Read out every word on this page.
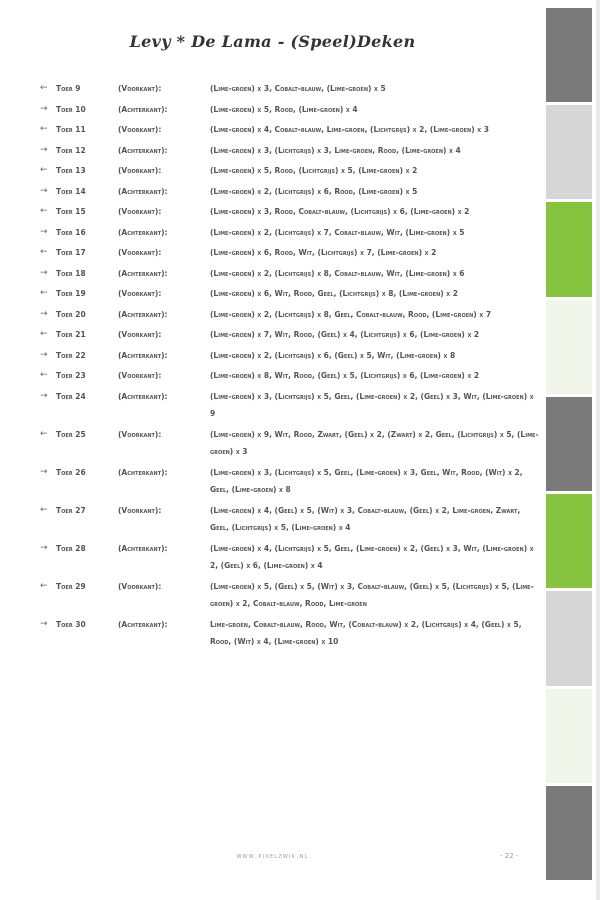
Levy * De Lama - (Speel)Deken
←	Toer 9	(Voorkant):	(Lime-groen) x 3, Cobalt-blauw, (Lime-groen) x 5
→	Toer 10	(Achterkant):	(Lime-groen) x 5, Rood, (Lime-groen) x 4
←	Toer 11	(Voorkant):	(Lime-groen) x 4, Cobalt-blauw, Lime-groen, (Lichtgrijs) x 2, (Lime-groen) x 3
→	Toer 12	(Achterkant):	(Lime-groen) x 3, (Lichtgrijs) x 3, Lime-groen, Rood, (Lime-groen) x 4
←	Toer 13	(Voorkant):	(Lime-groen) x 5, Rood, (Lichtgrijs) x 5, (Lime-groen) x 2
→	Toer 14	(Achterkant):	(Lime-groen) x 2, (Lichtgrijs) x 6, Rood, (Lime-groen) x 5
←	Toer 15	(Voorkant):	(Lime-groen) x 3, Rood, Cobalt-blauw, (Lichtgrijs) x 6, (Lime-groen) x 2
→	Toer 16	(Achterkant):	(Lime-groen) x 2, (Lichtgrijs) x 7, Cobalt-blauw, Wit, (Lime-groen) x 5
←	Toer 17	(Voorkant):	(Lime-groen) x 6, Rood, Wit, (Lichtgrijs) x 7, (Lime-groen) x 2
→	Toer 18	(Achterkant):	(Lime-groen) x 2, (Lichtgrijs) x 8, Cobalt-blauw, Wit, (Lime-groen) x 6
←	Toer 19	(Voorkant):	(Lime-groen) x 6, Wit, Rood, Geel, (Lichtgrijs) x 8, (Lime-groen) x 2
→	Toer 20	(Achterkant):	(Lime-groen) x 2, (Lichtgrijs) x 8, Geel, Cobalt-blauw, Rood, (Lime-groen) x 7
←	Toer 21	(Voorkant):	(Lime-groen) x 7, Wit, Rood, (Geel) x 4, (Lichtgrijs) x 6, (Lime-groen) x 2
→	Toer 22	(Achterkant):	(Lime-groen) x 2, (Lichtgrijs) x 6, (Geel) x 5, Wit, (Lime-groen) x 8
←	Toer 23	(Voorkant):	(Lime-groen) x 8, Wit, Rood, (Geel) x 5, (Lichtgrijs) x 6, (Lime-groen) x 2
→	Toer 24	(Achterkant):	(Lime-groen) x 3, (Lichtgrijs) x 5, Geel, (Lime-groen) x 2, (Geel) x 3, Wit, (Lime-groen) x 9
←	Toer 25	(Voorkant):	(Lime-groen) x 9, Wit, Rood, Zwart, (Geel) x 2, (Zwart) x 2, Geel, (Lichtgrijs) x 5, (Lime-groen) x 3
→	Toer 26	(Achterkant):	(Lime-groen) x 3, (Lichtgrijs) x 5, Geel, (Lime-groen) x 3, Geel, Wit, Rood, (Wit) x 2, Geel, (Lime-groen) x 8
←	Toer 27	(Voorkant):	(Lime-groen) x 4, (Geel) x 5, (Wit) x 3, Cobalt-blauw, (Geel) x 2, Lime-groen, Zwart, Geel, (Lichtgrijs) x 5, (Lime-groen) x 4
→	Toer 28	(Achterkant):	(Lime-groen) x 4, (Lichtgrijs) x 5, Geel, (Lime-groen) x 2, (Geel) x 3, Wit, (Lime-groen) x 2, (Geel) x 6, (Lime-groen) x 4
←	Toer 29	(Voorkant):	(Lime-groen) x 5, (Geel) x 5, (Wit) x 3, Cobalt-blauw, (Geel) x 5, (Lichtgrijs) x 5, (Lime-groen) x 2, Cobalt-blauw, Rood, Lime-groen
→	Toer 30	(Achterkant):	Lime-groen, Cobalt-blauw, Rood, Wit, (Cobalt-blauw) x 2, (Lichtgrijs) x 4, (Geel) x 5, Rood, (Wit) x 4, (Lime-groen) x 10
www.pixelzwik.nl	- 22 -
